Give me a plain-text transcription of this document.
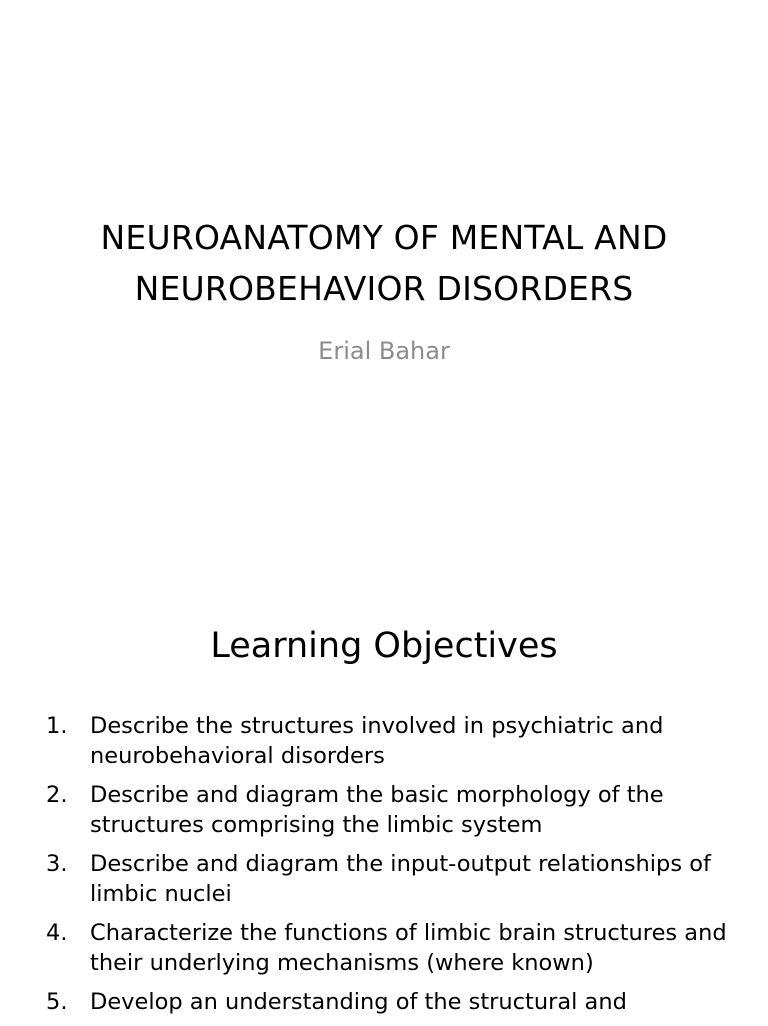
NEUROANATOMY OF MENTAL AND
NEUROBEHAVIOR DISORDERS
Erial Bahar
Learning Objectives
1.	Describe the structures involved in psychiatric and neurobehavioral disorders
2.	Describe and diagram the basic morphology of the structures comprising the limbic system
3.	Describe and diagram the input-output relationships of limbic nuclei
4.	Characterize the functions of limbic brain structures and their underlying mechanisms (where known)
5.	Develop an understanding of the structural and
